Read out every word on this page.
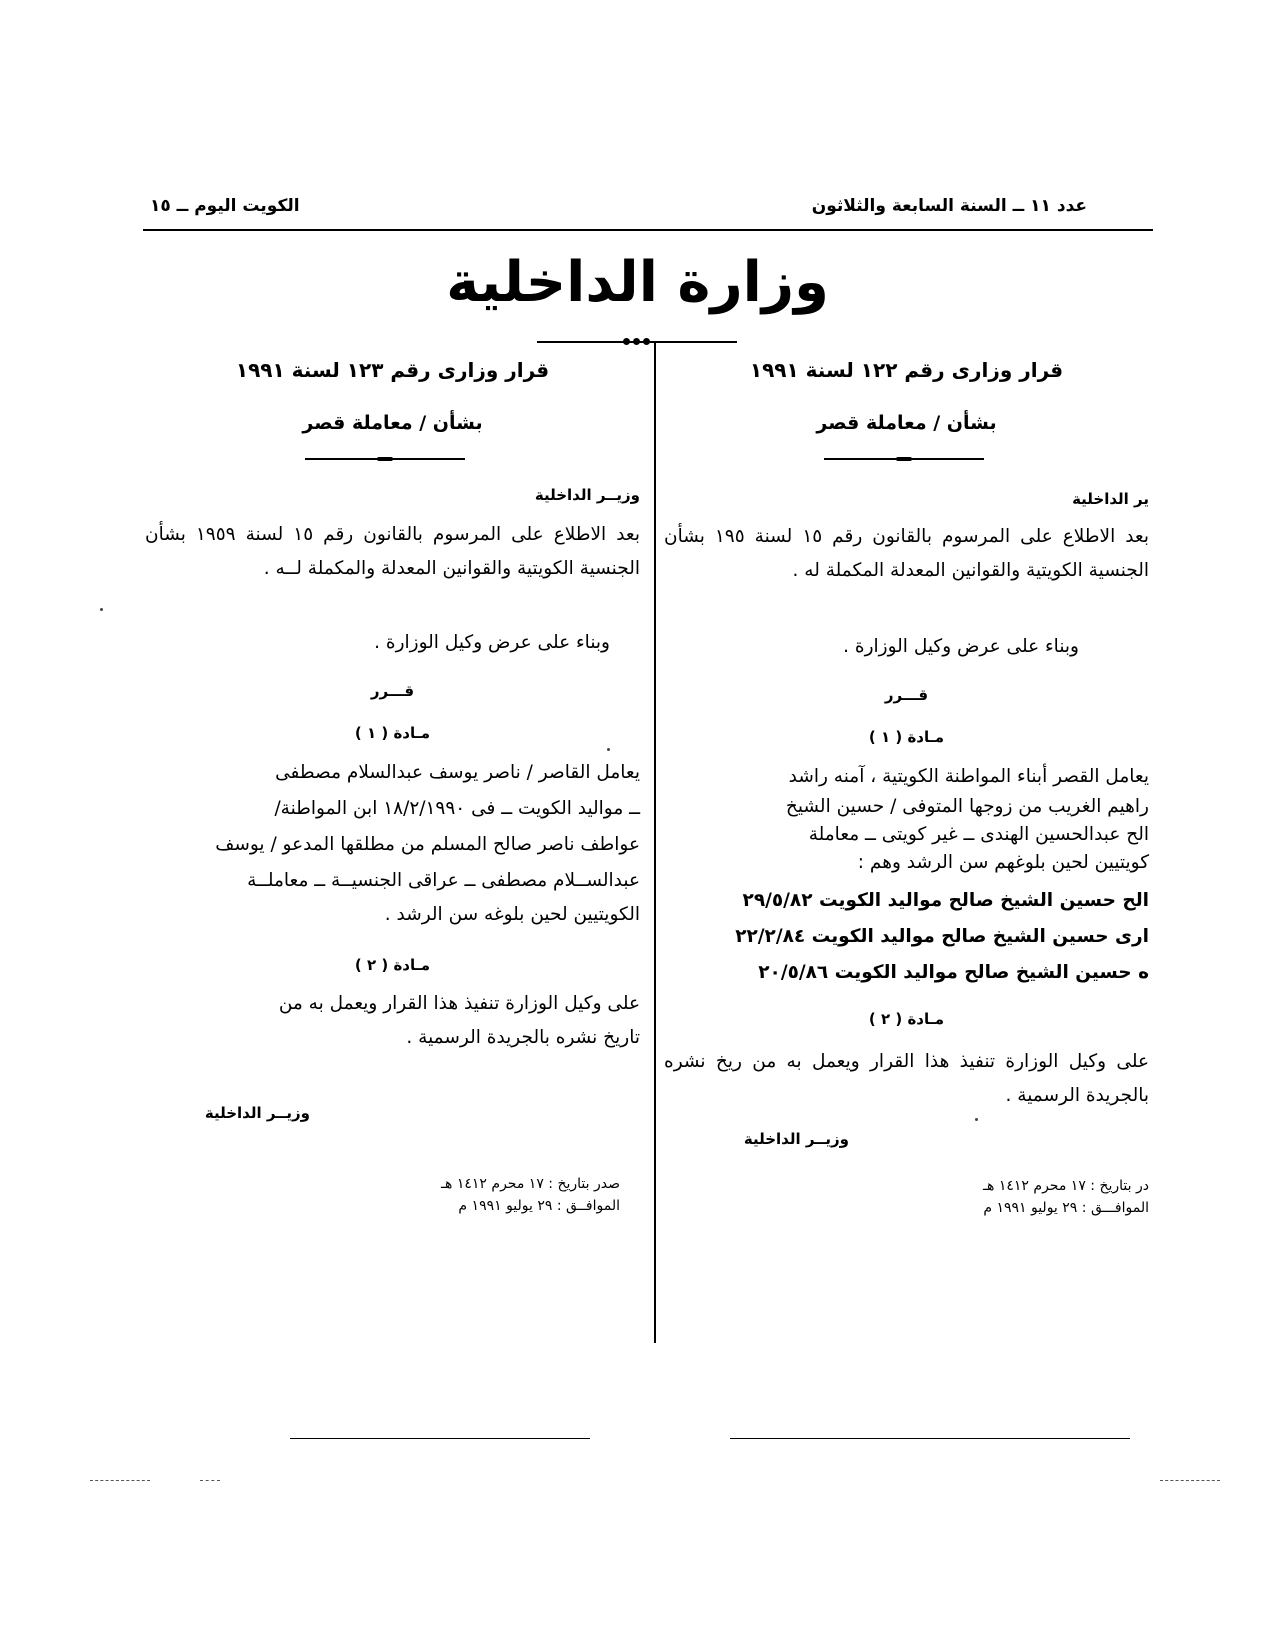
عدد ١١ ــ السنة السابعة والثلاثون
الكويت اليوم ــ ١٥
وزارة الداخلية
قرار وزارى رقم ١٢٢ لسنة ١٩٩١
بشأن / معاملة قصر
ير الداخلية
بعد الاطلاع على المرسوم بالقانون رقم ١٥ لسنة ١٩٥ بشأن الجنسية الكويتية والقوانين المعدلة المكملة له .
وبناء على عرض وكيل الوزارة .
قـــرر
مـادة ( ١ )
يعامل القصر أبناء المواطنة الكويتية ، آمنه راشد
راهيم الغريب من زوجها المتوفى / حسين الشيخ
الح عبدالحسين الهندى ــ غير كويتى ــ معاملة
كويتيين لحين بلوغهم سن الرشد وهم :
الح حسين الشيخ صالح مواليد الكويت ٢٩/٥/٨٢
ارى حسين الشيخ صالح مواليد الكويت ٢٢/٢/٨٤
ه حسين الشيخ صالح مواليد الكويت ٢٠/٥/٨٦
مـادة ( ٢ )
على وكيل الوزارة تنفيذ هذا القرار ويعمل به من ريخ نشره بالجريدة الرسمية .
وزيــر الداخلية
در بتاريخ : ١٧ محرم ١٤١٢ هـ
الموافـــق : ٢٩ يوليو ١٩٩١ م
قرار وزارى رقم ١٢٣ لسنة ١٩٩١
بشأن / معاملة قصر
وزيــر الداخلية
بعد الاطلاع على المرسوم بالقانون رقم ١٥ لسنة ١٩٥٩ بشأن الجنسية الكويتية والقوانين المعدلة والمكملة لــه .
وبناء على عرض وكيل الوزارة .
قـــرر
مـادة ( ١ )
يعامل القاصر / ناصر يوسف عبدالسلام مصطفى
ــ مواليد الكويت ــ فى ١٨/٢/١٩٩٠ ابن المواطنة/
عواطف ناصر صالح المسلم من مطلقها المدعو / يوسف
عبدالســلام مصطفى ــ عراقى الجنسيــة ــ معاملــة
الكويتيين لحين بلوغه سن الرشد .
مـادة ( ٢ )
على وكيل الوزارة تنفيذ هذا القرار ويعمل به من
تاريخ نشره بالجريدة الرسمية .
وزيــر الداخلية
صدر بتاريخ : ١٧ محرم ١٤١٢ هـ
الموافــق : ٢٩ يوليو ١٩٩١ م
